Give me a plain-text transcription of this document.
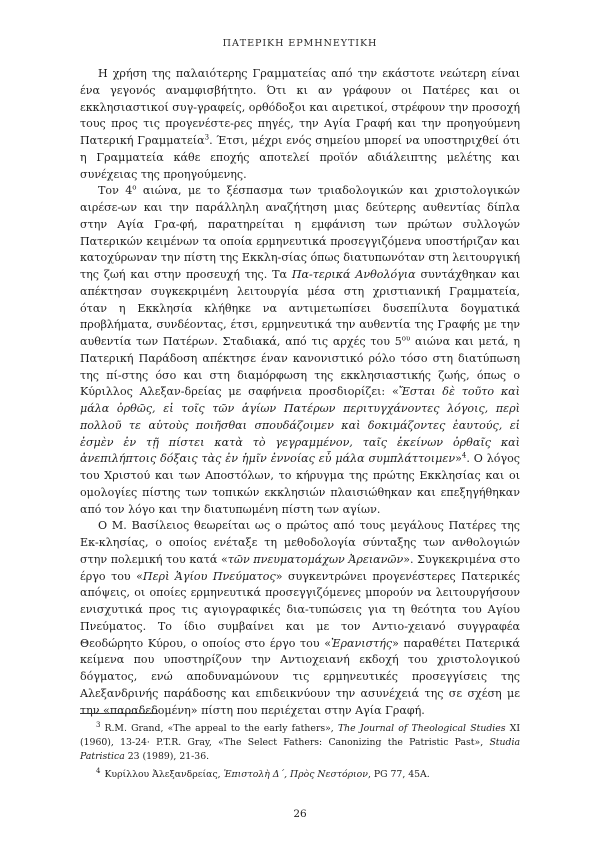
ΠΑΤΕΡΙΚΗ ΕΡΜΗΝΕΥΤΙΚΗ

Η χρήση της παλαιότερης Γραμματείας από την εκάστοτε νεώτερη είναι ένα γεγονός αναμφισβήτητο. Ότι κι αν γράφουν οι Πατέρες και οι εκκλησιαστικοί συγ-γραφείς, ορθόδοξοι και αιρετικοί, στρέφουν την προσοχή τους προς τις προγενέστε-ρες πηγές, την Αγία Γραφή και την προηγούμενη Πατερική Γραμματεία$^3$. Έτσι, μέχρι ενός σημείου μπορεί να υποστηριχθεί ότι η Γραμματεία κάθε εποχής αποτελεί προϊόν αδιάλειπτης μελέτης και συνέχειας της προηγούμενης.

Τον 4$^o$ αιώνα, με το ξέσπασμα των τριαδολογικών και χριστολογικών αιρέσε-ων και την παράλληλη αναζήτηση μιας δεύτερης αυθεντίας δίπλα στην Αγία Γρα-φή, παρατηρείται η εμφάνιση των πρώτων συλλογών Πατερικών κειμένων τα οποία ερμηνευτικά προσεγγιζόμενα υποστήριζαν και κατοχύρωναν την πίστη της Εκκλη-σίας όπως διατυπωνόταν στη λειτουργική της ζωή και στην προσευχή της. Τα Πα-τερικά Ανθολόγια συντάχθηκαν και απέκτησαν συγκεκριμένη λειτουργία μέσα στη χριστιανική Γραμματεία, όταν η Εκκλησία κλήθηκε να αντιμετωπίσει δυσεπίλυτα δογματικά προβλήματα, συνδέοντας, έτσι, ερμηνευτικά την αυθεντία της Γραφής με την αυθεντία των Πατέρων. Σταδιακά, από τις αρχές του 5$^{o\upsilon}$ αιώνα και μετά, η Πατερική Παράδοση απέκτησε έναν κανονιστικό ρόλο τόσο στη διατύπωση της πί-στης όσο και στη διαμόρφωση της εκκλησιαστικής ζωής, όπως ο Κύριλλος Αλεξαν-δρείας με σαφήνεια προσδιορίζει: «Ἔσται δὲ τοῦτο καὶ μάλα ὀρθῶς, εἰ τοῖς τῶν ἁγίων Πατέρων περιτυγχάνοντες λόγοις, περὶ πολλοῦ τε αὐτοὺς ποιῆσθαι σπουδάζοιμεν καὶ δοκιμάζοντες ἑαυτούς, εἰ ἐσμὲν ἐν τῇ πίστει κατὰ τὸ γεγραμμένον, ταῖς ἐκείνων ὀρθαῖς καὶ ἀνεπιλήπτοις δόξαις τὰς ἐν ἡμῖν ἐννοίας εὖ μάλα συμπλάττοιμεν»$^4$. Ο λόγος του Χριστού και των Αποστόλων, το κήρυγμα της πρώτης Εκκλησίας και οι ομολογίες πίστης των τοπικών εκκλησιών πλαισιώθηκαν και επεξηγήθηκαν από τον λόγο και την διατυπωμένη πίστη των αγίων.

Ο Μ. Βασίλειος θεωρείται ως ο πρώτος από τους μεγάλους Πατέρες της Εκ-κλησίας, ο οποίος ενέταξε τη μεθοδολογία σύνταξης των ανθολογιών στην πολεμική του κατά «τῶν πνευματομάχων Ἀρειανῶν». Συγκεκριμένα στο έργο του «Περὶ Ἁγίου Πνεύματος» συγκεντρώνει προγενέστερες Πατερικές απόψεις, οι οποίες ερμηνευτικά προσεγγιζόμενες μπορούν να λειτουργήσουν ενισχυτικά προς τις αγιογραφικές δια-τυπώσεις για τη θεότητα του Αγίου Πνεύματος. Το ίδιο συμβαίνει και με τον Αντιο-χειανό συγγραφέα Θεοδώρητο Κύρου, ο οποίος στο έργο του «Ἐρανιστής» παραθέτει Πατερικά κείμενα που υποστηρίζουν την Αντιοχειανή εκδοχή του χριστολογικού δόγματος, ενώ αποδυναμώνουν τις ερμηνευτικές προσεγγίσεις της Αλεξανδρινής παράδοσης και επιδεικνύουν την ασυνέχειά της σε σχέση με την «παραδεδομένη» πίστη που περιέχεται στην Αγία Γραφή.

$^3$ R.M. Grand, «The appeal to the early fathers», The Journal of Theological Studies XI (1960), 13-24· P.T.R. Gray, «The Select Fathers: Canonizing the Patristic Past», Studia Patristica 23 (1989), 21-36.

$^4$ Κυρίλλου Ἀλεξανδρείας, Ἐπιστολὴ Δ΄, Πρὸς Νεστόριον, PG 77, 45A.

26
